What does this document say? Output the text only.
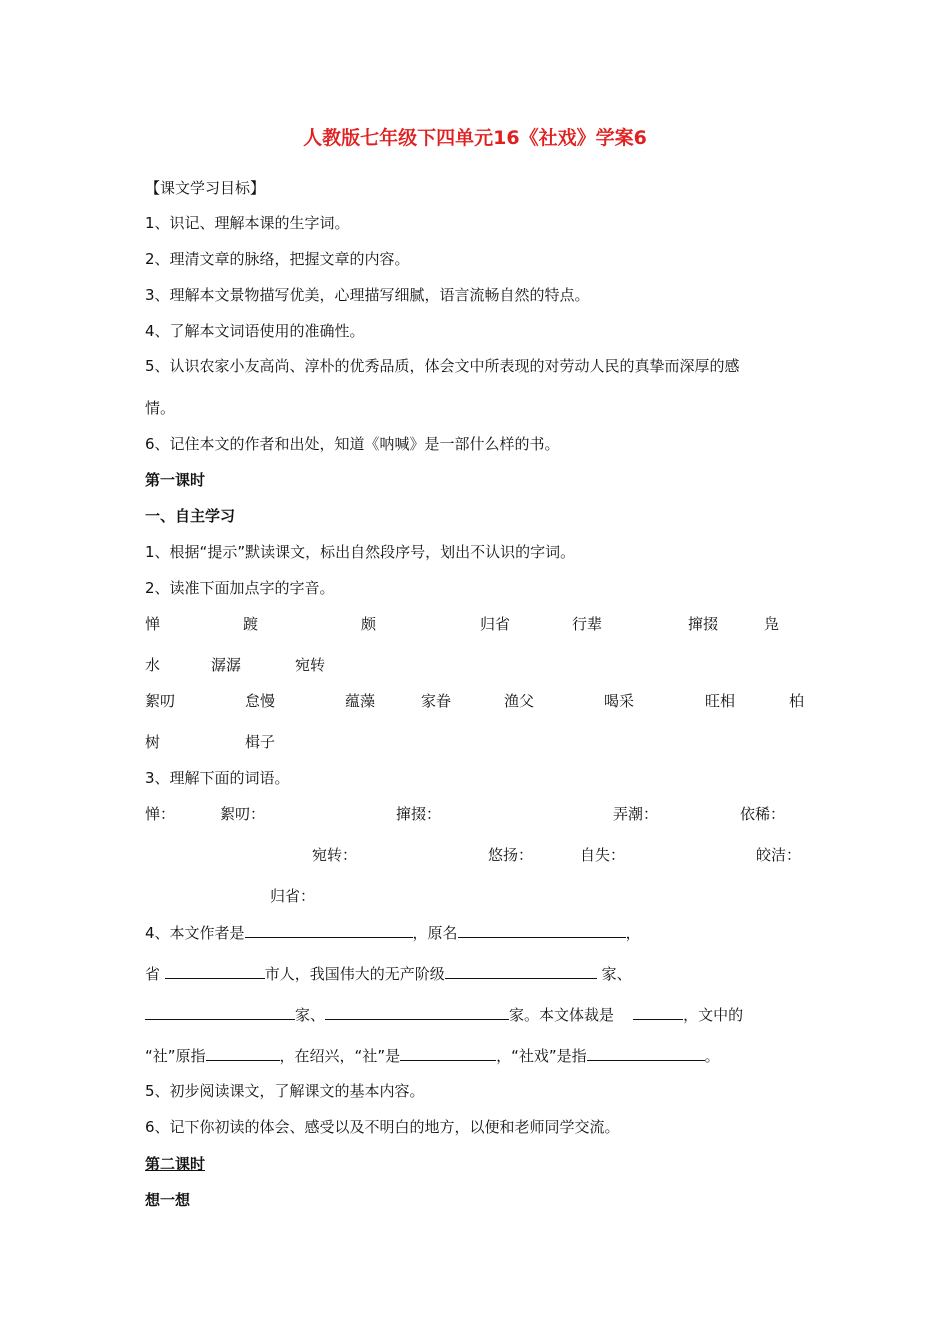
人教版七年级下四单元16《社戏》学案6
【课文学习目标】
1、识记、理解本课的生字词。
2、理清文章的脉络，把握文章的内容。
3、理解本文景物描写优美，心理描写细腻，语言流畅自然的特点。
4、了解本文词语使用的准确性。
5、认识农家小友高尚、淳朴的优秀品质，体会文中所表现的对劳动人民的真挚而深厚的感
情。
6、记住本文的作者和出处，知道《呐喊》是一部什么样的书。
第一课时
一、自主学习
1、根据“提示”默读课文，标出自然段序号，划出不认识的字词。
2、读准下面加点字的字音。
惮	踱	颇	归省	行辈	撺掇	凫
水	潺潺	宛转
絮叨	怠慢	蕴藻	家眷	渔父	喝采	旺相	柏
树	楫子
3、理解下面的词语。
惮：	絮叨：	撺掇：	弄潮：	依稀：
宛转：	悠扬：	自失：	皎洁：
归省：
4、本文作者是	，原名	，
省	市人，我国伟大的无产阶级	家、
家、	家。本文体裁是	，文中的
“社”原指	，在绍兴，“社”是	，“社戏”是指	。
5、初步阅读课文，了解课文的基本内容。
6、记下你初读的体会、感受以及不明白的地方，以便和老师同学交流。
第二课时
想一想
